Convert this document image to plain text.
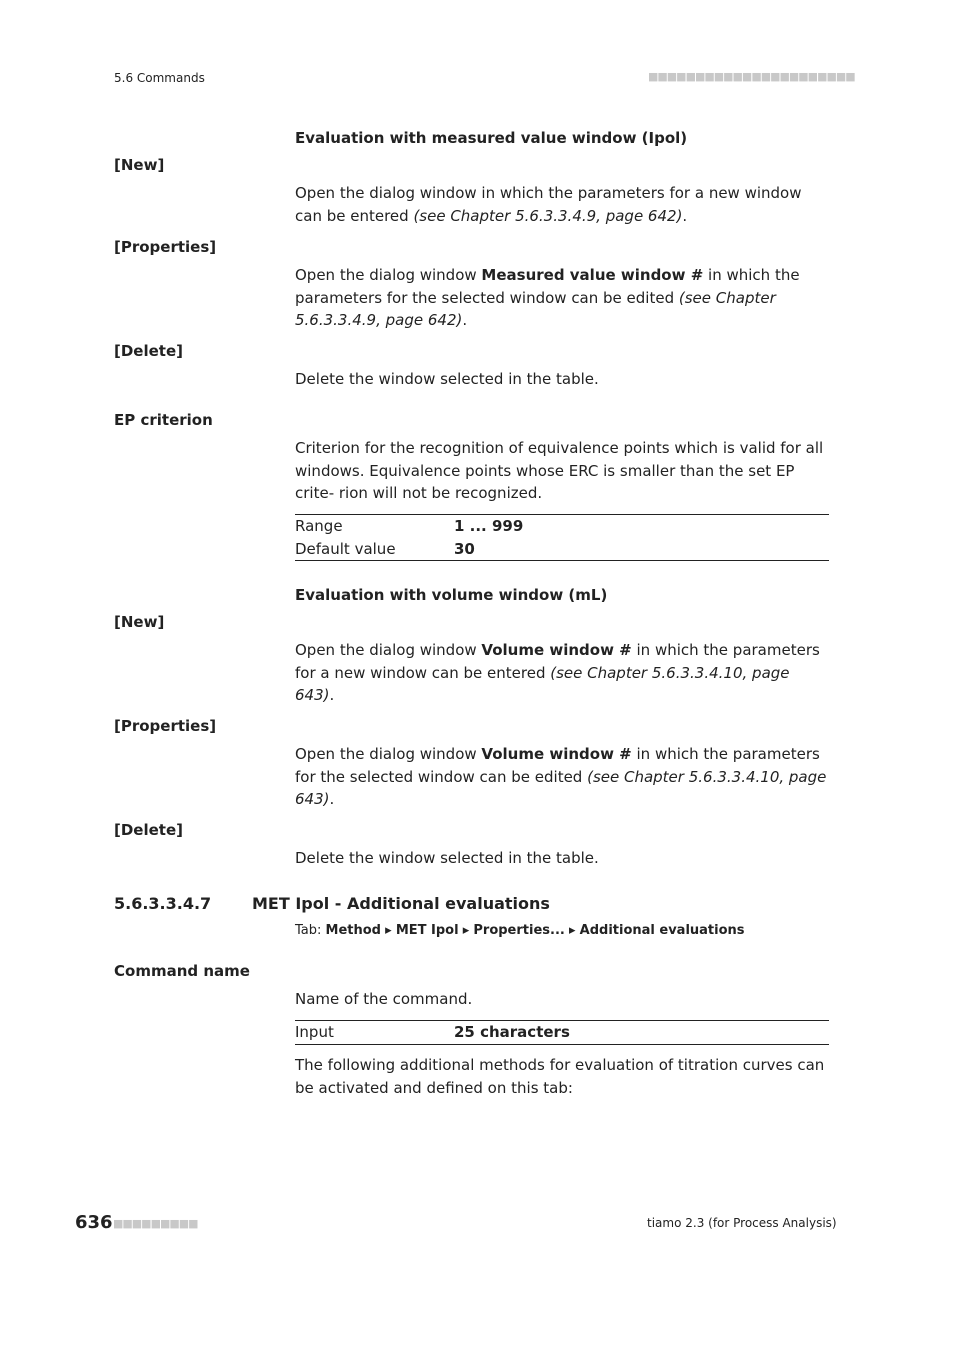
5.6 Commands	■■■■■■■■■■■■■■■■■■■■■■
Evaluation with measured value window (Ipol)
[New]
Open the dialog window in which the parameters for a new window can be entered (see Chapter 5.6.3.3.4.9, page 642).
[Properties]
Open the dialog window Measured value window # in which the parameters for the selected window can be edited (see Chapter 5.6.3.3.4.9, page 642).
[Delete]
Delete the window selected in the table.
EP criterion
Criterion for the recognition of equivalence points which is valid for all windows. Equivalence points whose ERC is smaller than the set EP crite- rion will not be recognized.
Range	1 ... 999
Default value	30
Evaluation with volume window (mL)
[New]
Open the dialog window Volume window # in which the parameters for a new window can be entered (see Chapter 5.6.3.3.4.10, page 643).
[Properties]
Open the dialog window Volume window # in which the parameters for the selected window can be edited (see Chapter 5.6.3.3.4.10, page 643).
[Delete]
Delete the window selected in the table.
5.6.3.3.4.7	MET Ipol - Additional evaluations
Tab: Method ▸ MET Ipol ▸ Properties... ▸ Additional evaluations
Command name
Name of the command.
Input	25 characters
The following additional methods for evaluation of titration curves can be activated and defined on this tab:
636 ■■■■■■■■■	tiamo 2.3 (for Process Analysis)
